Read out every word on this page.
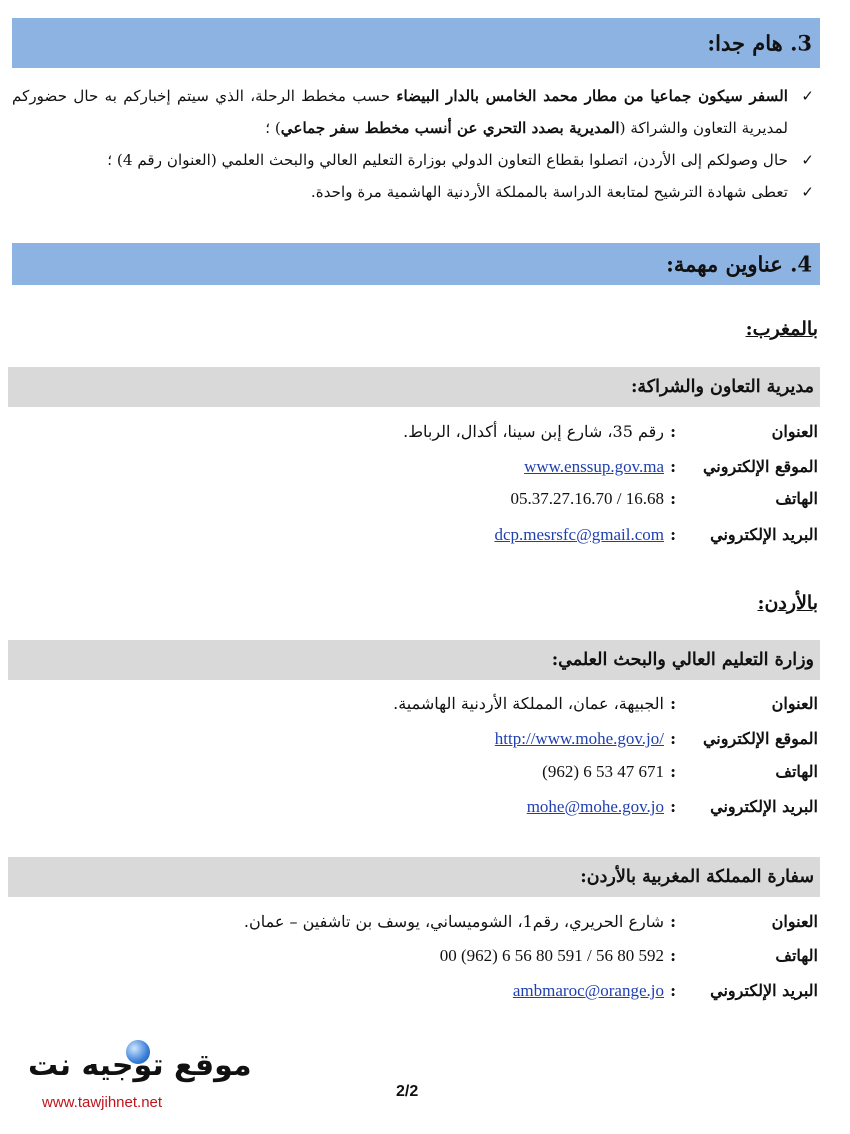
3. هام جدا:
✓
السفر سيكون جماعيا من مطار محمد الخامس بالدار البيضاء حسب مخطط الرحلة، الذي سيتم إخباركم به حال حضوركم لمديرية التعاون والشراكة (المديرية بصدد التحري عن أنسب مخطط سفر جماعي) ؛
✓
حال وصولكم إلى الأردن، اتصلوا بقطاع التعاون الدولي بوزارة التعليم العالي والبحث العلمي (العنوان رقم 4) ؛
✓
تعطى شهادة الترشيح لمتابعة الدراسة بالمملكة الأردنية الهاشمية مرة واحدة.
4. عناوين مهمة:
بالمغرب:
مديرية التعاون والشراكة:
العنوان
:
رقم 35، شارع إبن سينا، أكدال، الرباط.
الموقع الإلكتروني
:
www.enssup.gov.ma
الهاتف
:
05.37.27.16.70 / 16.68
البريد الإلكتروني
:
dcp.mesrsfc@gmail.com
بالأردن:
وزارة التعليم العالي والبحث العلمي:
العنوان
:
الجبيهة، عمان، المملكة الأردنية الهاشمية.
الموقع الإلكتروني
:
http://www.mohe.gov.jo/
الهاتف
:
(962) 6 53 47 671
البريد الإلكتروني
:
mohe@mohe.gov.jo
سفارة المملكة المغربية بالأردن:
العنوان
:
شارع الحريري، رقم1، الشوميساني، يوسف بن تاشفين – عمان.
الهاتف
:
00 (962) 6 56 80 591 / 56 80 592
البريد الإلكتروني
:
ambmaroc@orange.jo
موقع توجيه نت
www.tawjihnet.net
2/2
